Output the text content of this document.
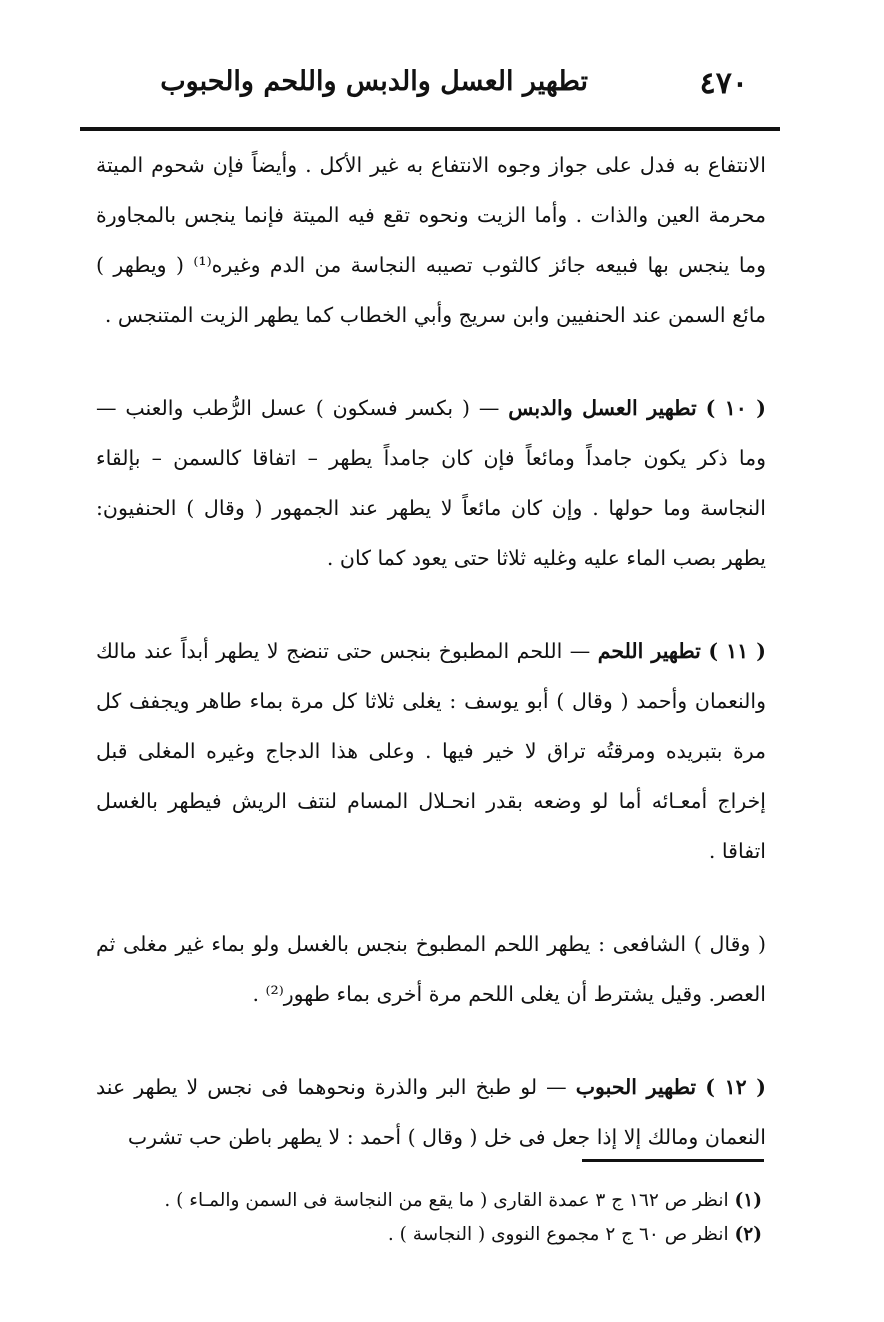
٤٧٠
تطهير العسل والدبس واللحم والحبوب

الانتفاع به فدل على جواز وجوه الانتفاع به غير الأكل . وأيضاً فإن شحوم الميتة محرمة العين والذات . وأما الزيت ونحوه تقع فيه الميتة فإنما ينجس بالمجاورة وما ينجس بها فبيعه جائز كالثوب تصيبه النجاسة من الدم وغيره⁽¹⁾ ( ويطهر ) مائع السمن عند الحنفيين وابن سريج وأبي الخطاب كما يطهر الزيت المتنجس .

( ١٠ ) تطهير العسل والدبس — ( بكسر فسكون ) عسل الرُّطب والعنب — وما ذكر يكون جامداً ومائعاً فإن كان جامداً يطهر – اتفاقا كالسمن – بإلقاء النجاسة وما حولها . وإن كان مائعاً لا يطهر عند الجمهور ( وقال ) الحنفيون: يطهر بصب الماء عليه وغليه ثلاثا حتى يعود كما كان .

( ١١ ) تطهير اللحم — اللحم المطبوخ بنجس حتى تنضج لا يطهر أبداً عند مالك والنعمان وأحمد ( وقال ) أبو يوسف : يغلى ثلاثا كل مرة بماء طاهر ويجفف كل مرة بتبريده ومرقتُه تراق لا خير فيها . وعلى هذا الدجاج وغيره المغلى قبل إخراج أمعـائه أما لو وضعه بقدر انحـلال المسام لنتف الريش فيطهر بالغسل اتفاقا .

( وقال ) الشافعى : يطهر اللحم المطبوخ بنجس بالغسل ولو بماء غير مغلى ثم العصر. وقيل يشترط أن يغلى اللحم مرة أخرى بماء طهور⁽²⁾ .

( ١٢ ) تطهير الحبوب — لو طبخ البر والذرة ونحوهما فى نجس لا يطهر عند النعمان ومالك إلا إذا جعل فى خل ( وقال ) أحمد : لا يطهر باطن حب تشرب

(١) انظر ص ١٦٢ ج ٣ عمدة القارى ( ما يقع من النجاسة فى السمن والمـاء ) .

(٢) انظر ص ٦٠ ج ٢ مجموع النووى ( النجاسة ) .
